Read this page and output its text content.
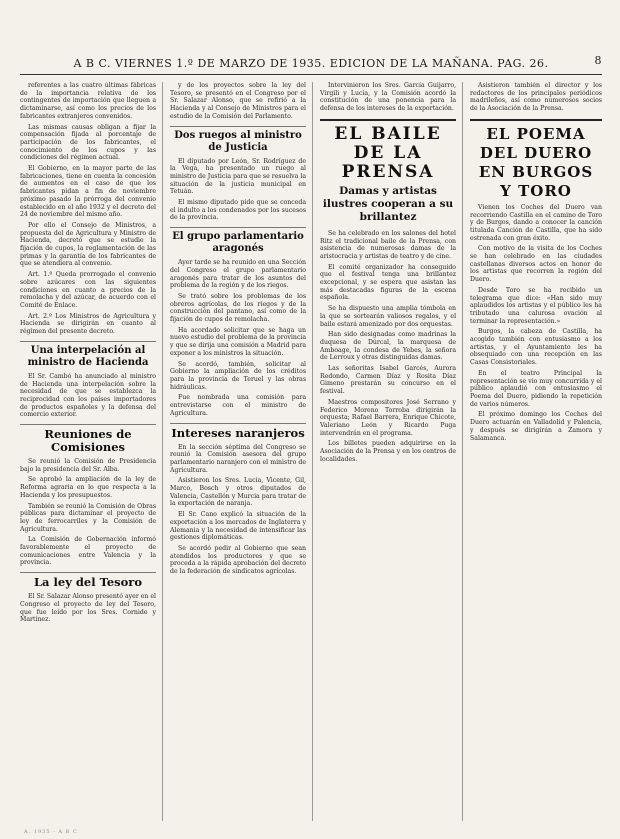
A B C. VIERNES 1.º DE MARZO DE 1935. EDICION DE LA MAÑANA. PAG. 26.	8

referentes a las cuatro últimas fábricas de la importancia relativa de los contingentes de importación que lleguen a dictaminarse, así como los precios de los fabricantes extranjeros convenidos.

Las mismas causas obligan a fijar la compensación fijada al porcentaje de participación de los fabricantes, el conocimiento de los cupos y las condiciones del régimen actual.

El Gobierno, en la mayor parte de las fabricaciones, tiene en cuenta la concesión de aumentos en el caso de que los fabricantes pidan a fin de noviembre próximo pasado la prórroga del convenio establecido en el año 1932 y el decreto del 24 de noviembre del mismo año.

Por ello el Consejo de Ministros, a propuesta del de Agricultura y Ministro de Hacienda, decretó que se estudie la fijación de cupos, la reglamentación de las primas y la garantía de los fabricantes de que se atendiera al convenio.

Art. 1.º Queda prorrogado el convenio sobre azúcares con las siguientes condiciones en cuanto a precios de la remolacha y del azúcar, de acuerdo con el Comité de Enlace.

Art. 2.º Los Ministros de Agricultura y Hacienda se dirigirán en cuanto al régimen del presente decreto.

Una interpelación al ministro de Hacienda

El Sr. Cambó ha anunciado al ministro de Hacienda una interpelación sobre la necesidad de que se establezca la reciprocidad con los países importadores de productos españoles y la defensa del comercio exterior.

Reuniones de Comisiones

Se reunió la Comisión de Presidencia bajo la presidencia del Sr. Alba.

Se aprobó la ampliación de la ley de Reforma agraria en lo que respecta a la Hacienda y los presupuestos.

También se reunió la Comisión de Obras públicas para dictaminar el proyecto de ley de ferrocarriles y la Comisión de Agricultura.

La Comisión de Gobernación informó favorablemente el proyecto de comunicaciones entre Valencia y la provincia.

La ley del Tesoro

El Sr. Salazar Alonso presentó ayer en el Congreso el proyecto de ley del Tesoro, que fue leído por los Sres. Cornide y Martínez.

y de los proyectos sobre la ley del Tesoro, se presentó en el Congreso por el Sr. Salazar Alonso, que se refirió a la Hacienda y al Consejo de Ministros para el estudio de la Comisión del Parlamento.

Dos ruegos al ministro de Justicia

El diputado por León, Sr. Rodríguez de la Vega, ha presentado un ruego al ministro de Justicia para que se resuelva la situación de la justicia municipal en Tetuán.

El mismo diputado pide que se conceda el indulto a los condenados por los sucesos de la provincia.

El grupo parlamentario aragonés

Ayer tarde se ha reunido en una Sección del Congreso el grupo parlamentario aragonés para tratar de los asuntos del problema de la región y de los riegos.

Se trató sobre los problemas de los obreros agrícolas, de los riegos y de la construcción del pantano, así como de la fijación de cupos de remolacha.

Ha acordado solicitar que se haga un nuevo estudio del problema de la provincia y que se dirija una comisión a Madrid para exponer a los ministros la situación.

Se acordó, también, solicitar al Gobierno la ampliación de los créditos para la provincia de Teruel y las obras hidráulicas.

Fue nombrada una comisión para entrevistarse con el ministro de Agricultura.

Intereses naranjeros

En la sección séptima del Congreso se reunió la Comisión asesora del grupo parlamentario naranjero con el ministro de Agricultura.

Asistieron los Sres. Lucia, Vicente, Gil, Marco, Bosch y otros diputados de Valencia, Castellón y Murcia para tratar de la exportación de naranja.

El Sr. Cano explicó la situación de la exportación a los mercados de Inglaterra y Alemania y la necesidad de intensificar las gestiones diplomáticas.

Se acordó pedir al Gobierno que sean atendidos los productores y que se proceda a la rápida aprobación del decreto de la federación de sindicatos agrícolas.

Intervinieron los Sres. García Guijarro, Virgili y Lucía, y la Comisión acordó la constitución de una ponencia para la defensa de los intereses de la exportación.

EL BAILE DE LA PRENSA
Damas y artistas ilustres cooperan a su brillantez

Se ha celebrado en los salones del hotel Ritz el tradicional baile de la Prensa, con asistencia de numerosas damas de la aristocracia y artistas de teatro y de cine.

El comité organizador ha conseguido que el festival tenga una brillantez excepcional, y se espera que asistan las más destacadas figuras de la escena española.

Se ha dispuesto una amplia tómbola en la que se sortearán valiosos regalos, y el baile estará amenizado por dos orquestas.

Han sido designadas como madrinas la duquesa de Dúrcal, la marquesa de Amboage, la condesa de Yebes, la señora de Lerroux y otras distinguidas damas.

Las señoritas Isabel Garcés, Aurora Redondo, Carmen Díaz y Rosita Díaz Gimeno prestarán su concurso en el festival.

Maestros compositores José Serrano y Federico Moreno Torroba dirigirán la orquesta; Rafael Barrera, Enrique Chicote, Valeriano León y Ricardo Puga intervendrán en el programa.

Los billetes pueden adquirirse en la Asociación de la Prensa y en los centros de localidades.

Asistieron también el director y los redactores de los principales periódicos madrileños, así como numerosos socios de la Asociación de la Prensa.

EL POEMA DEL DUERO EN BURGOS Y TORO

Vienen los Coches del Duero van recorriendo Castilla en el camino de Toro y de Burgos, dando a conocer la canción titulada Canción de Castilla, que ha sido estrenada con gran éxito.

Con motivo de la visita de los Coches se han celebrado en las ciudades castellanas diversos actos en honor de los artistas que recorren la región del Duero.

Desde Toro se ha recibido un telegrama que dice: «Han sido muy aplaudidos los artistas y el público les ha tributado una calurosa ovación al terminar la representación.»

Burgos, la cabeza de Castilla, ha acogido también con entusiasmo a los artistas, y el Ayuntamiento les ha obsequiado con una recepción en las Casas Consistoriales.

En el teatro Principal la representación se vio muy concurrida y el público aplaudió con entusiasmo el Poema del Duero, pidiendo la repetición de varios números.

El próximo domingo los Coches del Duero actuarán en Valladolid y Palencia, y después se dirigirán a Zamora y Salamanca.

A. 1935 - A B C
